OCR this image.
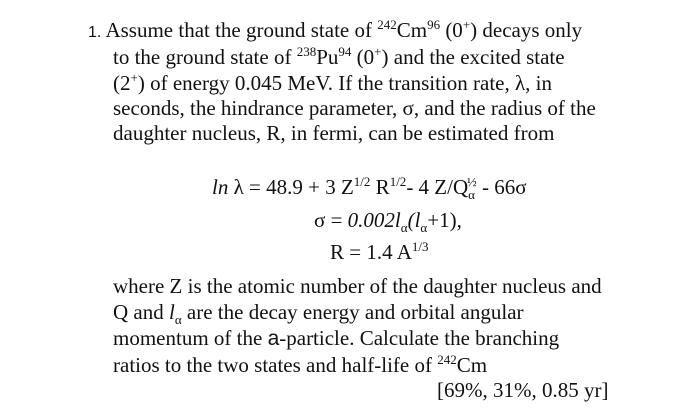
1. Assume that the ground state of $^{242}$Cm$^{96}$ (0+) decays only
to the ground state of $^{238}$Pu$^{94}$ (0+) and the excited state
(2+) of energy 0.045 MeV. If the transition rate, λ, in
seconds, the hindrance parameter, σ, and the radius of the
daughter nucleus, R, in fermi, can be estimated from
ln λ = 48.9 + 3 $Z^{1/2}$ $R^{1/2}-$ 4 $Z/Q_\alpha^{\frac{1}{2}} - 66\sigma$
$\sigma = 0.002l_\alpha(l_\alpha+1)$,
R = 1.4 $A^{1/3}$
where Z is the atomic number of the daughter nucleus and
Q and $l_\alpha$ are the decay energy and orbital angular
momentum of the a-particle. Calculate the branching
ratios to the two states and half-life of $^{242}$Cm
[69%, 31%, 0.85 yr]
